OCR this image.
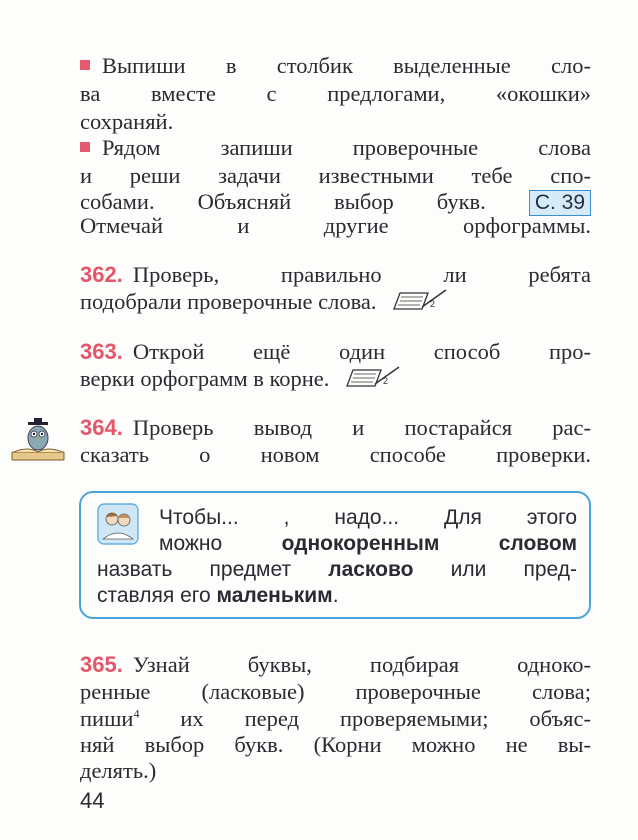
Выпиши в столбик выделенные сло-
ва вместе с предлогами, «окошки»
сохраняй.
Рядом запиши проверочные слова
и реши задачи известными тебе спо-
собами. Объясняй выбор букв. С. 39
Отмечай и другие орфограммы.
362. Проверь, правильно ли ребята
подобрали проверочные слова.	2
363. Открой ещё один способ про-
верки орфограмм в корне.	2
364. Проверь вывод и постарайся рас-
сказать о новом способе проверки.
Чтобы... , надо... Для этого
можно однокоренным словом
назвать предмет ласково или пред-
ставляя его маленьким.
365. Узнай буквы, подбирая одноко-
ренные (ласковые) проверочные слова;
пиши$^4$ их перед проверяемыми; объяс-
няй выбор букв. (Корни можно не вы-
делять.)
44
